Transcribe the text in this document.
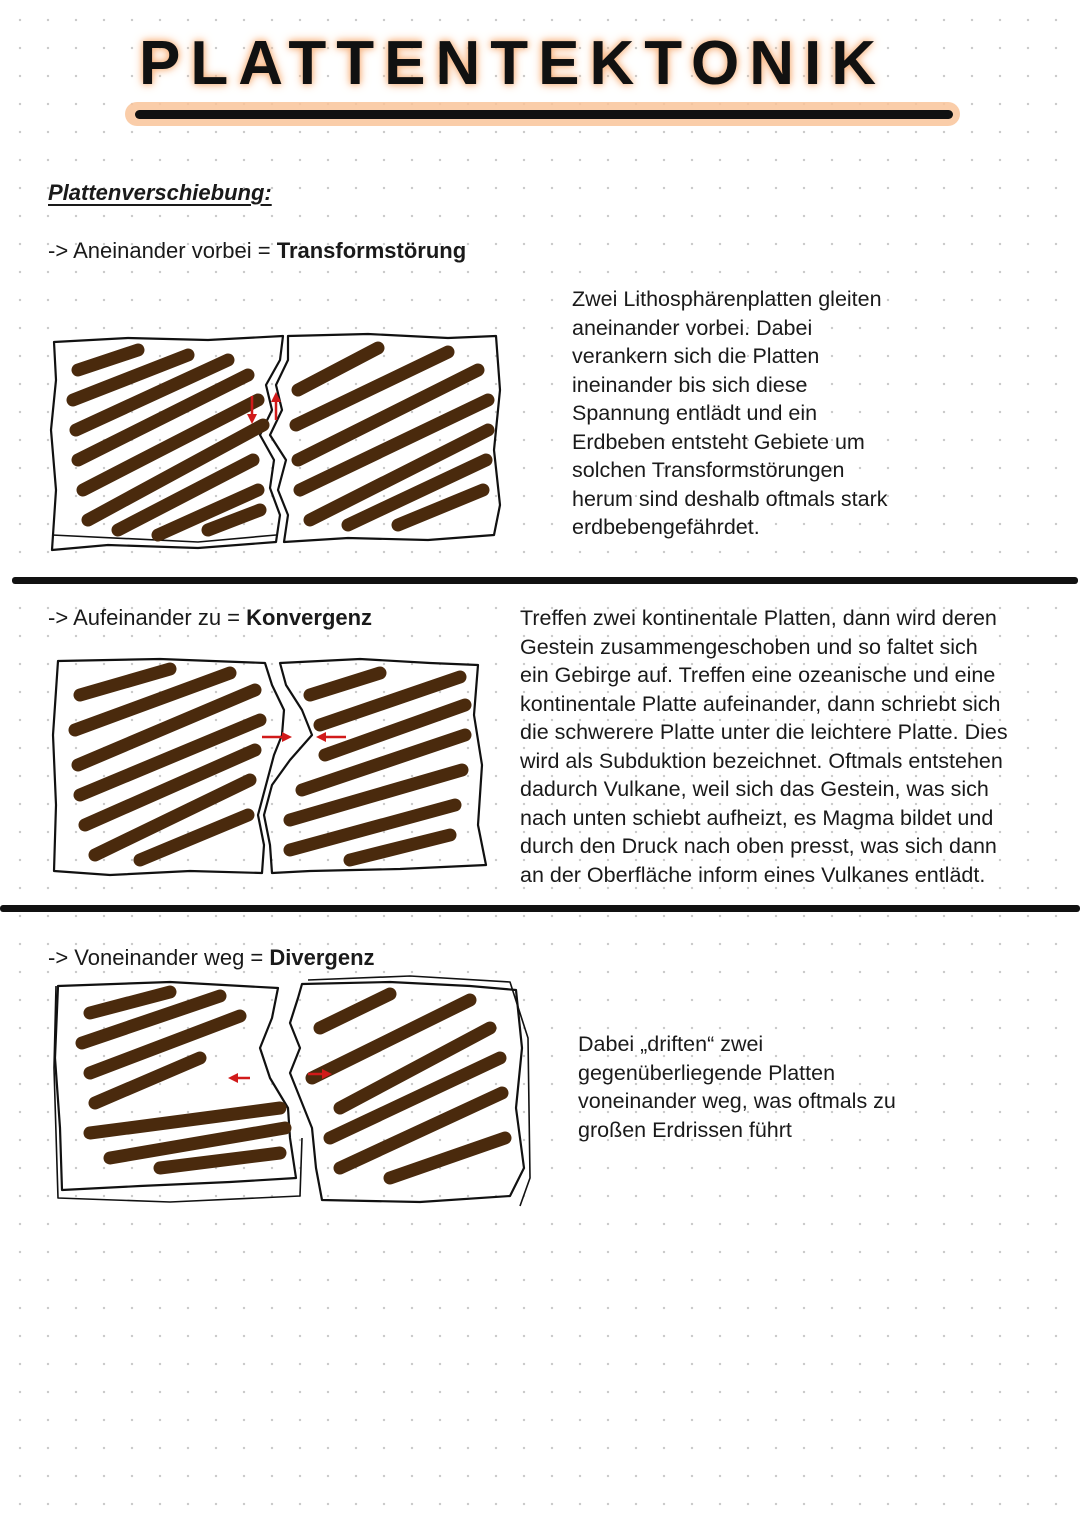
PLATTENTEKTONIK
Plattenverschiebung:
-> Aneinander vorbei = Transformstörung
Zwei Lithosphärenplatten gleiten
aneinander vorbei. Dabei
verankern sich die Platten
ineinander bis sich diese
Spannung entlädt und ein
Erdbeben entsteht Gebiete um
solchen Transformstörungen
herum sind deshalb oftmals stark
erdbebengefährdet.
-> Aufeinander zu = Konvergenz	Treffen zwei kontinentale Platten, dann wird deren
Gestein zusammengeschoben und so faltet sich
ein Gebirge auf. Treffen eine ozeanische und eine
kontinentale Platte aufeinander, dann schriebt sich
die schwerere Platte unter die leichtere Platte. Dies
wird als Subduktion bezeichnet. Oftmals entstehen
dadurch Vulkane, weil sich das Gestein, was sich
nach unten schiebt aufheizt, es Magma bildet und
durch den Druck nach oben presst, was sich dann
an der Oberfläche inform eines Vulkanes entlädt.
-> Voneinander weg = Divergenz
Dabei „driften“ zwei
gegenüberliegende Platten
voneinander weg, was oftmals zu
großen Erdrissen führt
